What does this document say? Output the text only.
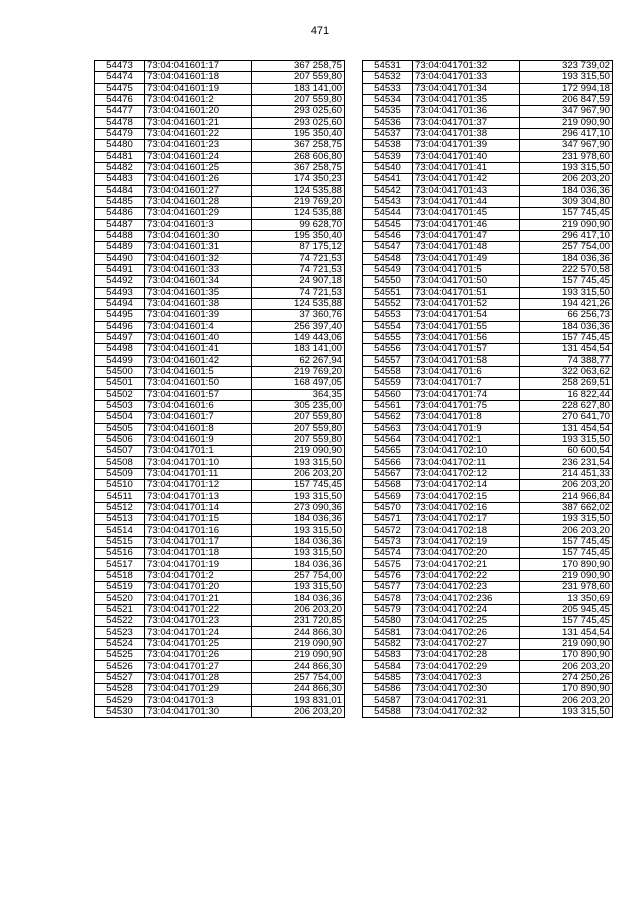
471
54473	73:04:041601:17	367 258,75
54474	73:04:041601:18	207 559,80
54475	73:04:041601:19	183 141,00
54476	73:04:041601:2	207 559,80
54477	73:04:041601:20	293 025,60
54478	73:04:041601:21	293 025,60
54479	73:04:041601:22	195 350,40
54480	73:04:041601:23	367 258,75
54481	73:04:041601:24	268 606,80
54482	73:04:041601:25	367 258,75
54483	73:04:041601:26	174 350,23
54484	73:04:041601:27	124 535,88
54485	73:04:041601:28	219 769,20
54486	73:04:041601:29	124 535,88
54487	73:04:041601:3	99 628,70
54488	73:04:041601:30	195 350,40
54489	73:04:041601:31	87 175,12
54490	73:04:041601:32	74 721,53
54491	73:04:041601:33	74 721,53
54492	73:04:041601:34	24 907,18
54493	73:04:041601:35	74 721,53
54494	73:04:041601:38	124 535,88
54495	73:04:041601:39	37 360,76
54496	73:04:041601:4	256 397,40
54497	73:04:041601:40	149 443,06
54498	73:04:041601:41	183 141,00
54499	73:04:041601:42	62 267,94
54500	73:04:041601:5	219 769,20
54501	73:04:041601:50	168 497,05
54502	73:04:041601:57	364,35
54503	73:04:041601:6	305 235,00
54504	73:04:041601:7	207 559,80
54505	73:04:041601:8	207 559,80
54506	73:04:041601:9	207 559,80
54507	73:04:041701:1	219 090,90
54508	73:04:041701:10	193 315,50
54509	73:04:041701:11	206 203,20
54510	73:04:041701:12	157 745,45
54511	73:04:041701:13	193 315,50
54512	73:04:041701:14	273 090,36
54513	73:04:041701:15	184 036,36
54514	73:04:041701:16	193 315,50
54515	73:04:041701:17	184 036,36
54516	73:04:041701:18	193 315,50
54517	73:04:041701:19	184 036,36
54518	73:04:041701:2	257 754,00
54519	73:04:041701:20	193 315,50
54520	73:04:041701:21	184 036,36
54521	73:04:041701:22	206 203,20
54522	73:04:041701:23	231 720,85
54523	73:04:041701:24	244 866,30
54524	73:04:041701:25	219 090,90
54525	73:04:041701:26	219 090,90
54526	73:04:041701:27	244 866,30
54527	73:04:041701:28	257 754,00
54528	73:04:041701:29	244 866,30
54529	73:04:041701:3	193 831,01
54530	73:04:041701:30	206 203,20
54531	73:04:041701:32	323 739,02
54532	73:04:041701:33	193 315,50
54533	73:04:041701:34	172 994,18
54534	73:04:041701:35	206 847,59
54535	73:04:041701:36	347 967,90
54536	73:04:041701:37	219 090,90
54537	73:04:041701:38	296 417,10
54538	73:04:041701:39	347 967,90
54539	73:04:041701:40	231 978,60
54540	73:04:041701:41	193 315,50
54541	73:04:041701:42	206 203,20
54542	73:04:041701:43	184 036,36
54543	73:04:041701:44	309 304,80
54544	73:04:041701:45	157 745,45
54545	73:04:041701:46	219 090,90
54546	73:04:041701:47	296 417,10
54547	73:04:041701:48	257 754,00
54548	73:04:041701:49	184 036,36
54549	73:04:041701:5	222 570,58
54550	73:04:041701:50	157 745,45
54551	73:04:041701:51	193 315,50
54552	73:04:041701:52	194 421,26
54553	73:04:041701:54	66 256,73
54554	73:04:041701:55	184 036,36
54555	73:04:041701:56	157 745,45
54556	73:04:041701:57	131 454,54
54557	73:04:041701:58	74 388,77
54558	73:04:041701:6	322 063,62
54559	73:04:041701:7	258 269,51
54560	73:04:041701:74	16 822,44
54561	73:04:041701:75	228 627,80
54562	73:04:041701:8	270 641,70
54563	73:04:041701:9	131 454,54
54564	73:04:041702:1	193 315,50
54565	73:04:041702:10	60 600,54
54566	73:04:041702:11	236 231,54
54567	73:04:041702:12	214 451,33
54568	73:04:041702:14	206 203,20
54569	73:04:041702:15	214 966,84
54570	73:04:041702:16	387 662,02
54571	73:04:041702:17	193 315,50
54572	73:04:041702:18	206 203,20
54573	73:04:041702:19	157 745,45
54574	73:04:041702:20	157 745,45
54575	73:04:041702:21	170 890,90
54576	73:04:041702:22	219 090,90
54577	73:04:041702:23	231 978,60
54578	73:04:041702:236	13 350,69
54579	73:04:041702:24	205 945,45
54580	73:04:041702:25	157 745,45
54581	73:04:041702:26	131 454,54
54582	73:04:041702:27	219 090,90
54583	73:04:041702:28	170 890,90
54584	73:04:041702:29	206 203,20
54585	73:04:041702:3	274 250,26
54586	73:04:041702:30	170 890,90
54587	73:04:041702:31	206 203,20
54588	73:04:041702:32	193 315,50
